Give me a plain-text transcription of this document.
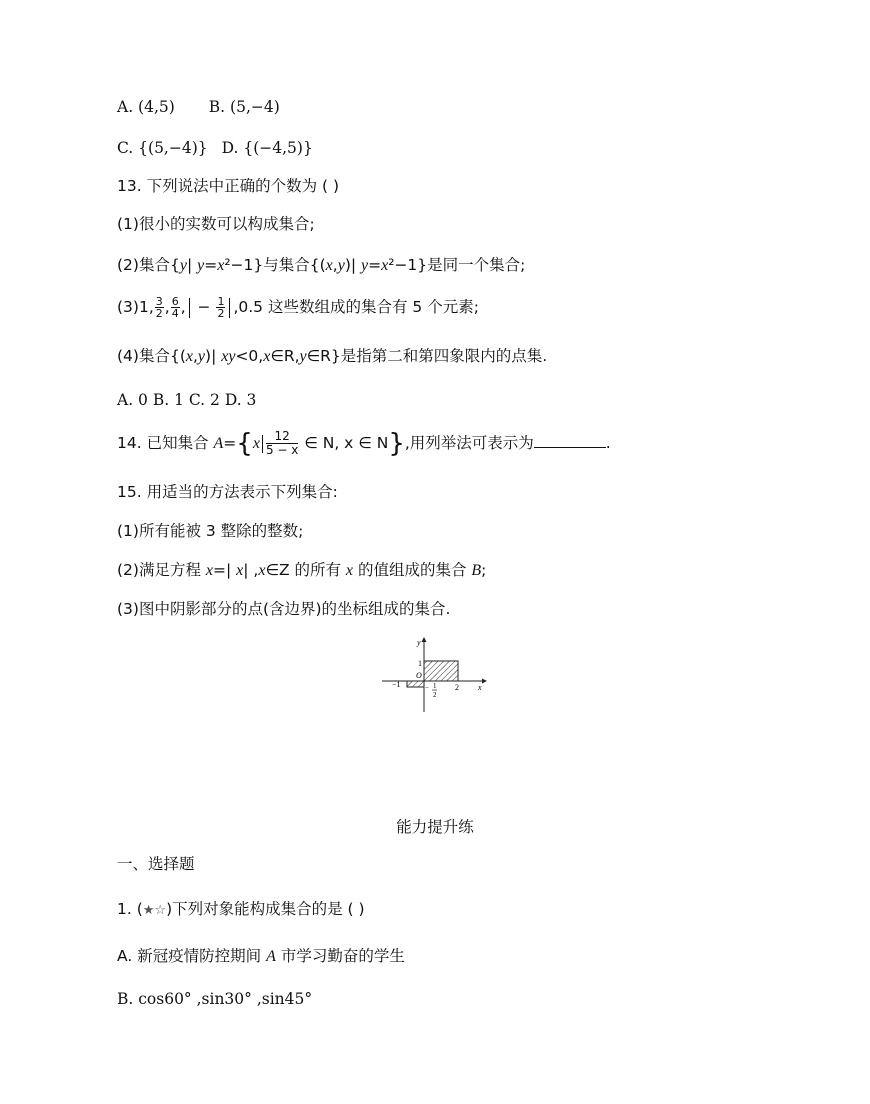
A. (4,5) B. (5,−4)
C. {(5,−4)} D. {(−4,5)}
13. 下列说法中正确的个数为 ( )
(1)很小的实数可以构成集合;
(2)集合{y| y=x²−1}与集合{(x,y)| y=x²−1}是同一个集合;
(3)1, $\frac{3}{2}$ , $\frac{6}{4}$ , − $\frac{1}{2} ,0.5$ 这些数组成的集合有 5 个元素;
(4)集合{(x,y)| xy<0,x∈R,y∈R}是指第二和第四象限内的点集.
A. 0 B. 1 C. 2 D. 3
14. 已知集合 $A=\{x \frac{12}{5 - x}$ ∈ N, x ∈ N},用列举法可表示为	.
15. 用适当的方法表示下列集合:
(1)所有能被 3 整除的整数;
(2)满足方程 x=| x| ,x∈Z 的所有 x 的值组成的集合 B;
(3)图中阴影部分的点(含边界)的坐标组成的集合.
y
x
O
1
2
−1	− 1
2
能力提升练
一、选择题
1. (★☆)下列对象能构成集合的是 ( )
A. 新冠疫情防控期间 A 市学习勤奋的学生
B. cos60° ,sin30° ,sin45°
